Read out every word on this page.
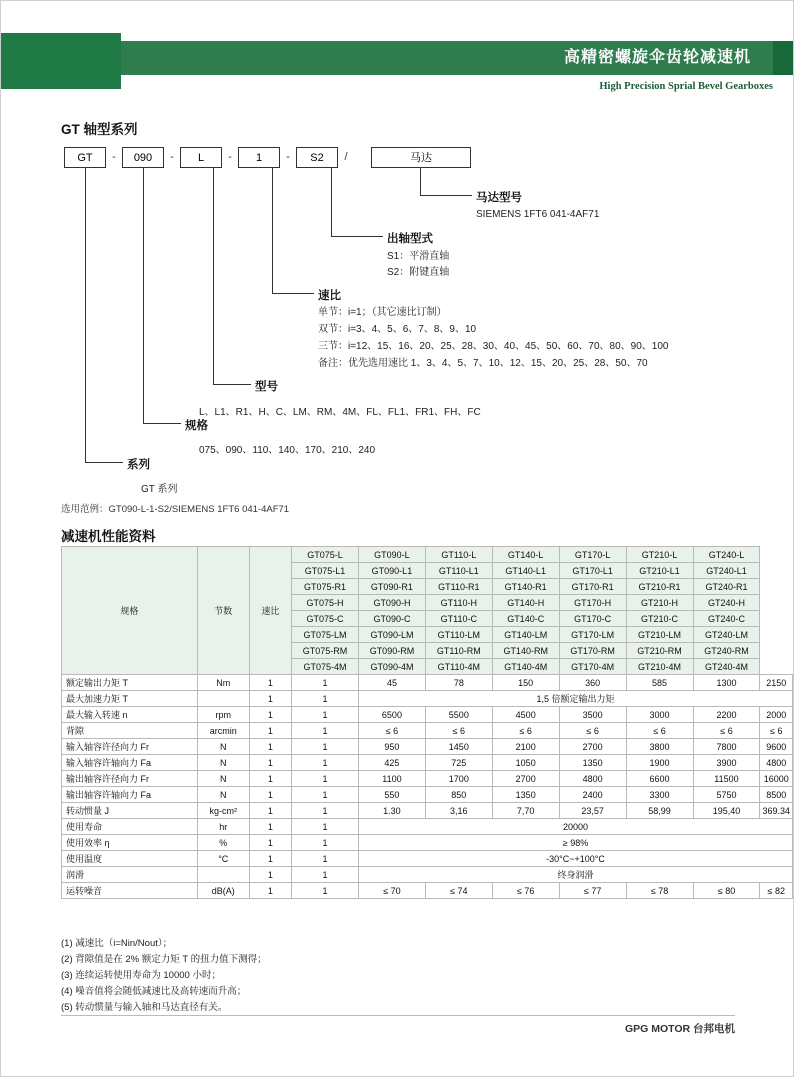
高精密螺旋伞齿轮减速机
High Precision Sprial Bevel Gearboxes
GT 轴型系列
GT	-	090	-	L	-	1	-	S2	/	马达
马达型号
SIEMENS 1FT6 041-4AF71
出轴型式
S1：平滑直轴
S2：附键直轴
速比
单节：i=1；（其它速比订制）
双节：i=3、4、5、6、7、8、9、10
三节：i=12、15、16、20、25、28、30、40、45、50、60、70、80、90、100
备注：优先选用速比 1、3、4、5、7、10、12、15、20、25、28、50、70
型号
L、L1、R1、H、C、LM、RM、4M、FL、FL1、FR1、FH、FC
规格
075、090、110、140、170、210、240
系列
GT 系列
选用范例：GT090-L-1-S2/SIEMENS 1FT6 041-4AF71
减速机性能资料
规格	节数	速比	GT075-L	GT090-L	GT110-L	GT140-L	GT170-L	GT210-L	GT240-L	
			GT075-L1	GT090-L1	GT110-L1	GT140-L1	GT170-L1	GT210-L1	GT240-L1	
			GT075-R1	GT090-R1	GT110-R1	GT140-R1	GT170-R1	GT210-R1	GT240-R1	
			GT075-H	GT090-H	GT110-H	GT140-H	GT170-H	GT210-H	GT240-H	
			GT075-C	GT090-C	GT110-C	GT140-C	GT170-C	GT210-C	GT240-C	
			GT075-LM	GT090-LM	GT110-LM	GT140-LM	GT170-LM	GT210-LM	GT240-LM	
			GT075-RM	GT090-RM	GT110-RM	GT140-RM	GT170-RM	GT210-RM	GT240-RM	
			GT075-4M	GT090-4M	GT110-4M	GT140-4M	GT170-4M	GT210-4M	GT240-4M	
额定输出力矩 T	Nm	1	1	45	78	150	360	585	1300	2150
最大加速力矩 T		1	1	1,5 倍额定输出力矩						
最大输入转速 n	rpm	1	1	6500	5500	4500	3500	3000	2200	2000
背隙	arcmin	1	1	≤ 6	≤ 6	≤ 6	≤ 6	≤ 6	≤ 6	≤ 6
输入轴容许径向力 Fr	N	1	1	950	1450	2100	2700	3800	7800	9600
输入轴容许轴向力 Fa	N	1	1	425	725	1050	1350	1900	3900	4800
输出轴容许径向力 Fr	N	1	1	1100	1700	2700	4800	6600	11500	16000
输出轴容许轴向力 Fa	N	1	1	550	850	1350	2400	3300	5750	8500
转动惯量 J	kg-cm²	1	1	1.30	3,16	7,70	23,57	58,99	195,40	369.34
使用寿命	hr	1	1	20000						
使用效率 η	%	1	1	≥ 98%						
使用温度	°C	1	1	-30°C~+100°C						
润滑		1	1	终身润滑						
运转噪音	dB(A)	1	1	≤ 70	≤ 74	≤ 76	≤ 77	≤ 78	≤ 80	≤ 82
(1) 减速比（i=Nin/Nout）；
(2) 背隙值是在 2% 额定力矩 T 的扭力值下测得；
(3) 连续运转使用寿命为 10000 小时；
(4) 噪音值将会随低减速比及高转速而升高；
(5) 转动惯量与输入轴和马达直径有关。
GPG MOTOR 台邦电机
